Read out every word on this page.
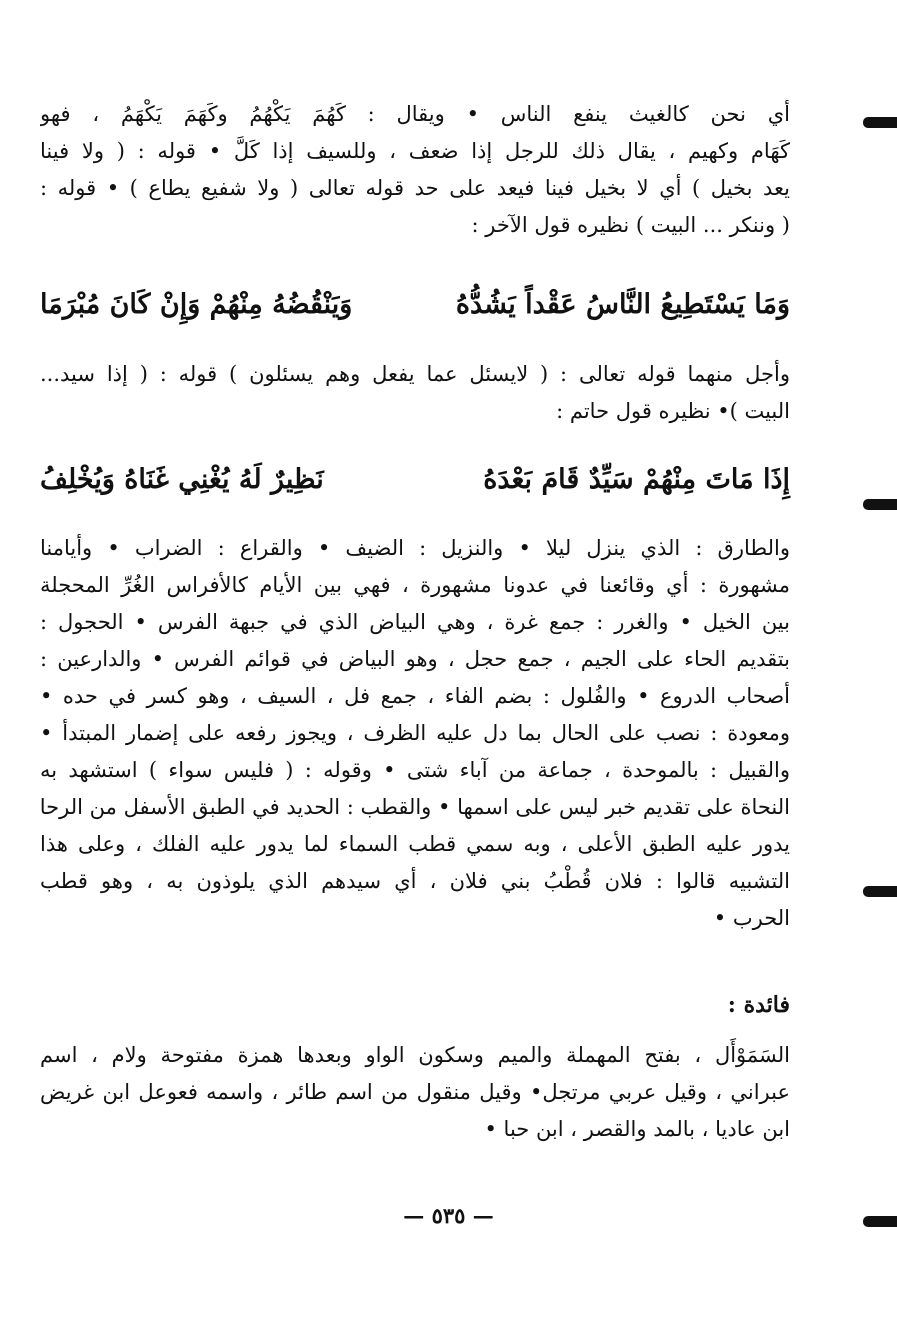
أي نحن كالغيث ينفع الناس • ويقال : كَهُمَ يَكْهُمُ وكَهَمَ يَكْهَمُ ، فهو
كَهَام وكهيم ، يقال ذلك للرجل إذا ضعف ، وللسيف إذا كَلَّ • قوله : ( ولا فينا
يعد بخيل ) أي لا بخيل فينا فيعد على حد قوله تعالى ( ولا شفيع يطاع ) • قوله :
( وننكر ... البيت ) نظيره قول الآخر :
وَمَا يَسْتَطِيعُ النَّاسُ عَقْداً يَشُدُّهُ
وَيَنْقُضُهُ مِنْهُمْ وَإِنْ كَانَ مُبْرَمَا
وأجل منهما قوله تعالى : ( لايسئل عما يفعل وهم يسئلون ) قوله : ( إذا سيد...
البيت )• نظيره قول حاتم :
إِذَا مَاتَ مِنْهُمْ سَيِّدٌ قَامَ بَعْدَهُ
نَظِيرٌ لَهُ يُغْنِي غَنَاهُ وَيُخْلِفُ
والطارق : الذي ينزل ليلا • والنزيل : الضيف • والقراع : الضراب • وأيامنا
مشهورة : أي وقائعنا في عدونا مشهورة ، فهي بين الأيام كالأفراس الغُرِّ المحجلة
بين الخيل • والغرر : جمع غرة ، وهي البياض الذي في جبهة الفرس • الحجول :
بتقديم الحاء على الجيم ، جمع حجل ، وهو البياض في قوائم الفرس • والدارعين :
أصحاب الدروع • والفُلول : بضم الفاء ، جمع فل ، السيف ، وهو كسر في حده •
ومعودة : نصب على الحال بما دل عليه الظرف ، ويجوز رفعه على إضمار المبتدأ •
والقبيل : بالموحدة ، جماعة من آباء شتى • وقوله : ( فليس سواء ) استشهد به
النحاة على تقديم خبر ليس على اسمها • والقطب : الحديد في الطبق الأسفل من الرحا
يدور عليه الطبق الأعلى ، وبه سمي قطب السماء لما يدور عليه الفلك ، وعلى هذا
التشبيه قالوا : فلان قُطْبُ بني فلان ، أي سيدهم الذي يلوذون به ، وهو قطب
الحرب •
فائدة :
السَمَوْأَل ، بفتح المهملة والميم وسكون الواو وبعدها همزة مفتوحة ولام ، اسم
عبراني ، وقيل عربي مرتجل• وقيل منقول من اسم طائر ، واسمه فعوعل ابن غريض
ابن عاديا ، بالمد والقصر ، ابن حبا •
— ٥٣٥ —
